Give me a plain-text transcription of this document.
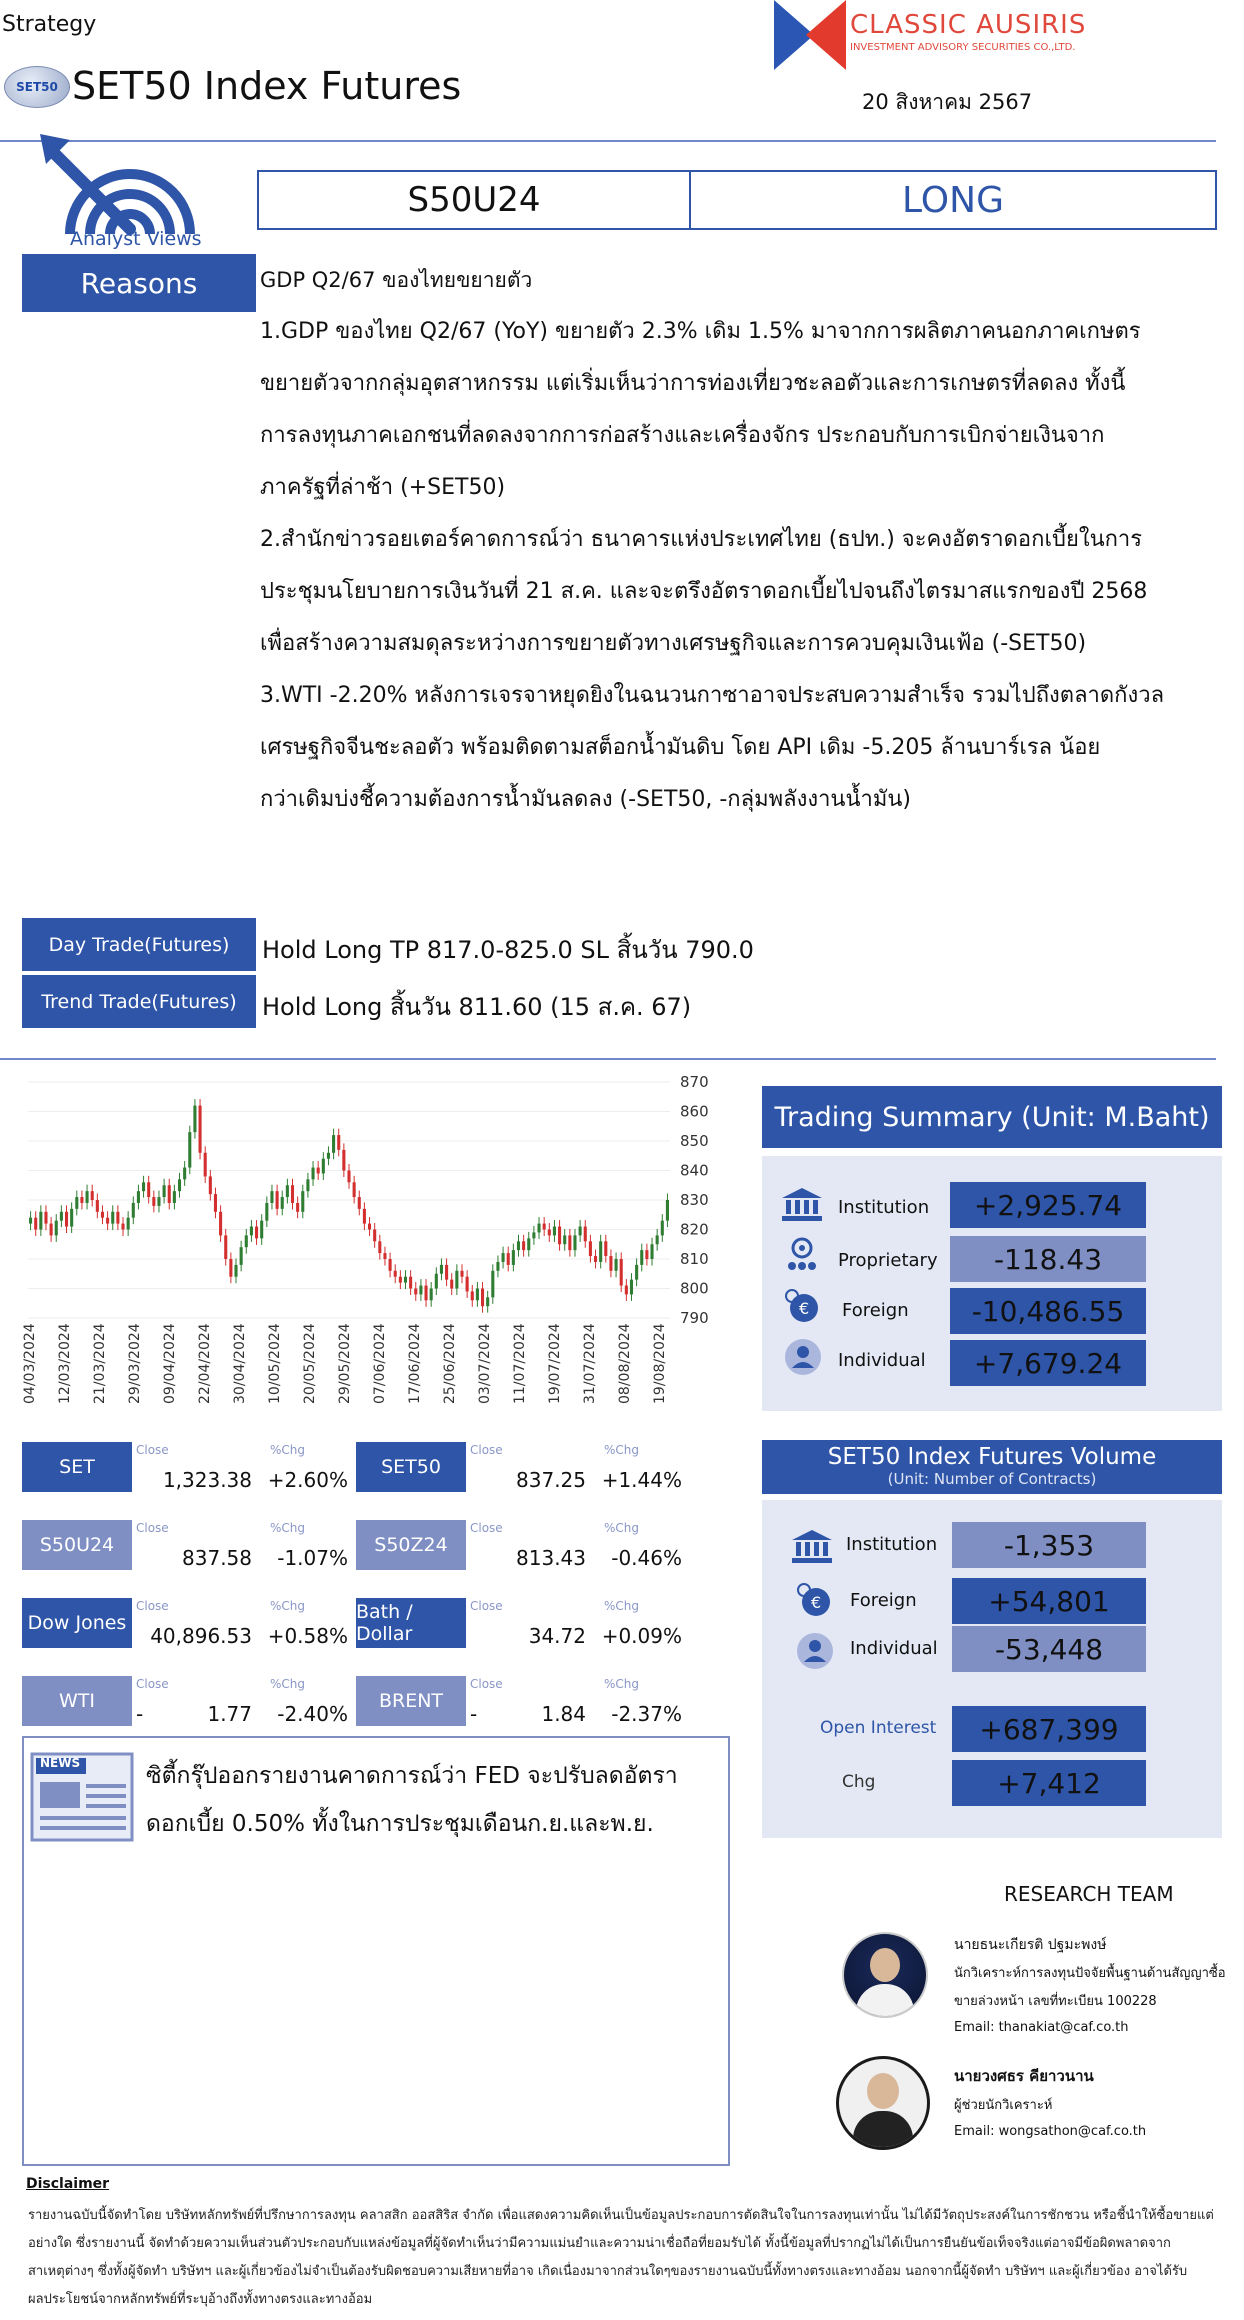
Strategy
SET50 SET50 Index Futures
CLASSIC AUSIRIS
INVESTMENT ADVISORY SECURITIES CO.,LTD.
20 สิงหาคม 2567
Analyst Views
S50U24	LONG
Reasons	GDP Q2/67 ของไทยขยายตัว
1.GDP ของไทย Q2/67 (YoY) ขยายตัว 2.3% เดิม 1.5% มาจากการผลิตภาคนอกภาคเกษตร
ขยายตัวจากกลุ่มอุตสาหกรรม แต่เริ่มเห็นว่าการท่องเที่ยวชะลอตัวและการเกษตรที่ลดลง ทั้งนี้
การลงทุนภาคเอกชนที่ลดลงจากการก่อสร้างและเครื่องจักร ประกอบกับการเบิกจ่ายเงินจาก
ภาครัฐที่ล่าช้า (+SET50)
2.สำนักข่าวรอยเตอร์คาดการณ์ว่า ธนาคารแห่งประเทศไทย (ธปท.) จะคงอัตราดอกเบี้ยในการ
ประชุมนโยบายการเงินวันที่ 21 ส.ค. และจะตรึงอัตราดอกเบี้ยไปจนถึงไตรมาสแรกของปี 2568
เพื่อสร้างความสมดุลระหว่างการขยายตัวทางเศรษฐกิจและการควบคุมเงินเฟ้อ (-SET50)
3.WTI -2.20% หลังการเจรจาหยุดยิงในฉนวนกาซาอาจประสบความสำเร็จ รวมไปถึงตลาดกังวล
เศรษฐกิจจีนชะลอตัว พร้อมติดตามสต็อกน้ำมันดิบ โดย API เดิม -5.205 ล้านบาร์เรล น้อย
กว่าเดิมบ่งชี้ความต้องการน้ำมันลดลง (-SET50, -กลุ่มพลังงานน้ำมัน)
Day Trade(Futures)	Hold Long TP 817.0-825.0 SL สิ้นวัน 790.0
Trend Trade(Futures)	Hold Long สิ้นวัน 811.60 (15 ส.ค. 67)
870
860
850
840
830
820
810
800
790
04/03/2024 12/03/2024 21/03/2024 29/03/2024 09/04/2024 22/04/2024 30/04/2024 10/05/2024 20/05/2024 29/05/2024 07/06/2024 17/06/2024 25/06/2024 03/07/2024 11/07/2024 19/07/2024 31/07/2024 08/08/2024 19/08/2024
Trading Summary (Unit: M.Baht)
Institution	+2,925.74
Proprietary	-118.43
€ Foreign	-10,486.55
Individual	+7,679.24
SET50 Index Futures Volume
(Unit: Number of Contracts)
Institution	-1,353
€ Foreign	+54,801
Individual	-53,448
Open Interest	+687,399
Chg	+7,412
SET
Close	%Chg
1,323.38 +2.60%
SET50
Close	%Chg
837.25 +1.44%
S50U24
Close	%Chg
837.58	-1.07%
S50Z24
Close	%Chg
813.43	-0.46%
Dow Jones
Close	%Chg
40,896.53 +0.58%
Bath / Dollar
Close	%Chg
34.72 +0.09%
WTI
Close	%Chg
-	1.77	-2.40%
BRENT
Close	%Chg
-	1.84	-2.37%
NEWS	ซิตี้กรุ๊ปออกรายงานคาดการณ์ว่า FED จะปรับลดอัตรา
ดอกเบี้ย 0.50% ทั้งในการประชุมเดือนก.ย.และพ.ย.
RESEARCH TEAM
นายธนะเกียรติ ปฐมะพงษ์
นักวิเคราะห์การลงทุนปัจจัยพื้นฐานด้านสัญญาซื้อ
ขายล่วงหน้า เลขที่ทะเบียน 100228
Email: thanakiat@caf.co.th
นายวงศธร คียาวนาน
ผู้ช่วยนักวิเคราะห์
Email: wongsathon@caf.co.th
Disclaimer
รายงานฉบับนี้จัดทำโดย บริษัทหลักทรัพย์ที่ปรึกษาการลงทุน คลาสสิก ออสสิริส จำกัด เพื่อแสดงความคิดเห็นเป็นข้อมูลประกอบการตัดสินใจในการลงทุนเท่านั้น ไม่ได้มีวัตถุประสงค์ในการชักชวน หรือชี้นำให้ซื้อขายแต่
อย่างใด ซึ่งรายงานนี้ จัดทำด้วยความเห็นส่วนตัวประกอบกับแหล่งข้อมูลที่ผู้จัดทำเห็นว่ามีความแม่นยำและความน่าเชื่อถือที่ยอมรับได้ ทั้งนี้ข้อมูลที่ปรากฏไม่ได้เป็นการยืนยันข้อเท็จจริงแต่อาจมีข้อผิดพลาดจาก
สาเหตุต่างๆ ซึ่งทั้งผู้จัดทำ บริษัทฯ และผู้เกี่ยวข้องไม่จำเป็นต้องรับผิดชอบความเสียหายที่อาจ เกิดเนื่องมาจากส่วนใดๆของรายงานฉบับนี้ทั้งทางตรงและทางอ้อม นอกจากนี้ผู้จัดทำ บริษัทฯ และผู้เกี่ยวข้อง อาจได้รับ
ผลประโยชน์จากหลักทรัพย์ที่ระบุอ้างถึงทั้งทางตรงและทางอ้อม
